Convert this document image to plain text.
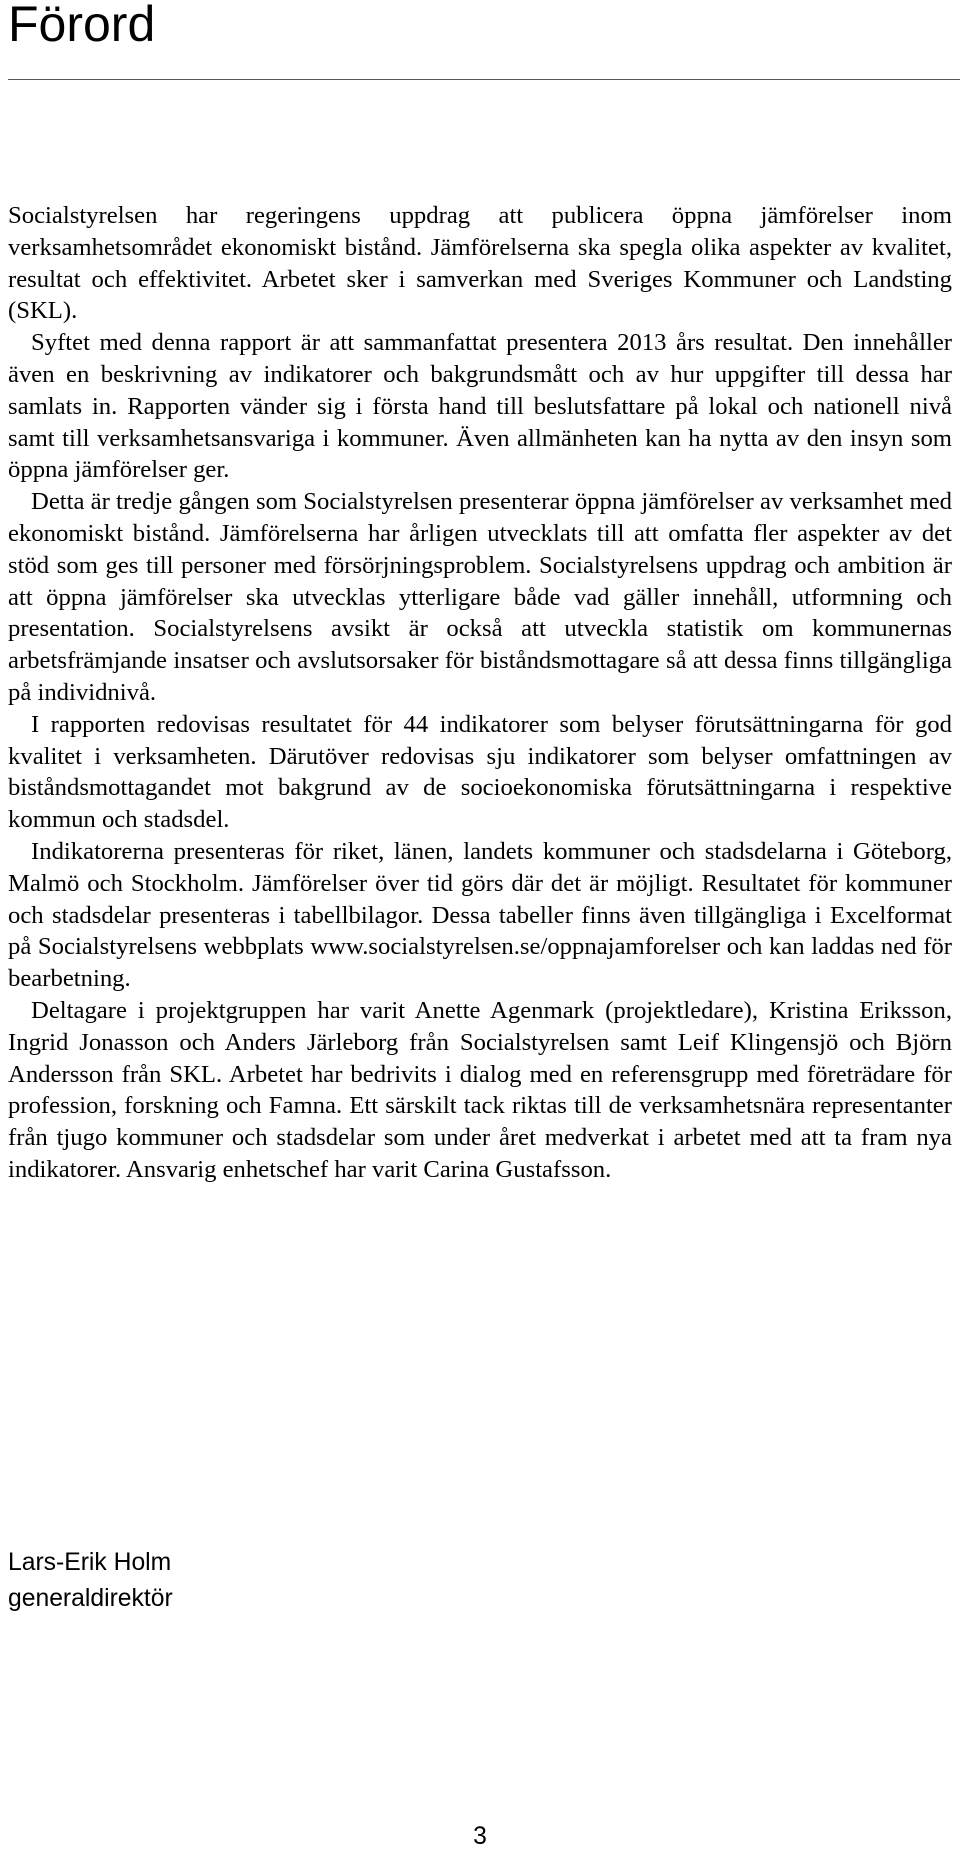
Förord

Socialstyrelsen har regeringens uppdrag att publicera öppna jämförelser inom verksamhetsområdet ekonomiskt bistånd. Jämförelserna ska spegla olika aspekter av kvalitet, resultat och effektivitet. Arbetet sker i samverkan med Sveriges Kommuner och Landsting (SKL).

Syftet med denna rapport är att sammanfattat presentera 2013 års resultat. Den innehåller även en beskrivning av indikatorer och bakgrundsmått och av hur uppgifter till dessa har samlats in. Rapporten vänder sig i första hand till beslutsfattare på lokal och nationell nivå samt till verksamhetsansvariga i kommuner. Även allmänheten kan ha nytta av den insyn som öppna jämförelser ger.

Detta är tredje gången som Socialstyrelsen presenterar öppna jämförelser av verksamhet med ekonomiskt bistånd. Jämförelserna har årligen utvecklats till att omfatta fler aspekter av det stöd som ges till personer med försörjningsproblem. Socialstyrelsens uppdrag och ambition är att öppna jämförelser ska utvecklas ytterligare både vad gäller innehåll, utformning och presentation. Socialstyrelsens avsikt är också att utveckla statistik om kommunernas arbetsfrämjande insatser och avslutsorsaker för biståndsmottagare så att dessa finns tillgängliga på individnivå.

I rapporten redovisas resultatet för 44 indikatorer som belyser förutsättningarna för god kvalitet i verksamheten. Därutöver redovisas sju indikatorer som belyser omfattningen av biståndsmottagandet mot bakgrund av de socioekonomiska förutsättningarna i respektive kommun och stadsdel.

Indikatorerna presenteras för riket, länen, landets kommuner och stadsdelarna i Göteborg, Malmö och Stockholm. Jämförelser över tid görs där det är möjligt. Resultatet för kommuner och stadsdelar presenteras i tabellbilagor. Dessa tabeller finns även tillgängliga i Excelformat på Socialstyrelsens webbplats www.socialstyrelsen.se/oppnajamforelser och kan laddas ned för bearbetning.

Deltagare i projektgruppen har varit Anette Agenmark (projektledare), Kristina Eriksson, Ingrid Jonasson och Anders Järleborg från Socialstyrelsen samt Leif Klingensjö och Björn Andersson från SKL. Arbetet har bedrivits i dialog med en referensgrupp med företrädare för profession, forskning och Famna. Ett särskilt tack riktas till de verksamhetsnära representanter från tjugo kommuner och stadsdelar som under året medverkat i arbetet med att ta fram nya indikatorer. Ansvarig enhetschef har varit Carina Gustafsson.

Lars-Erik Holm
generaldirektör
3
